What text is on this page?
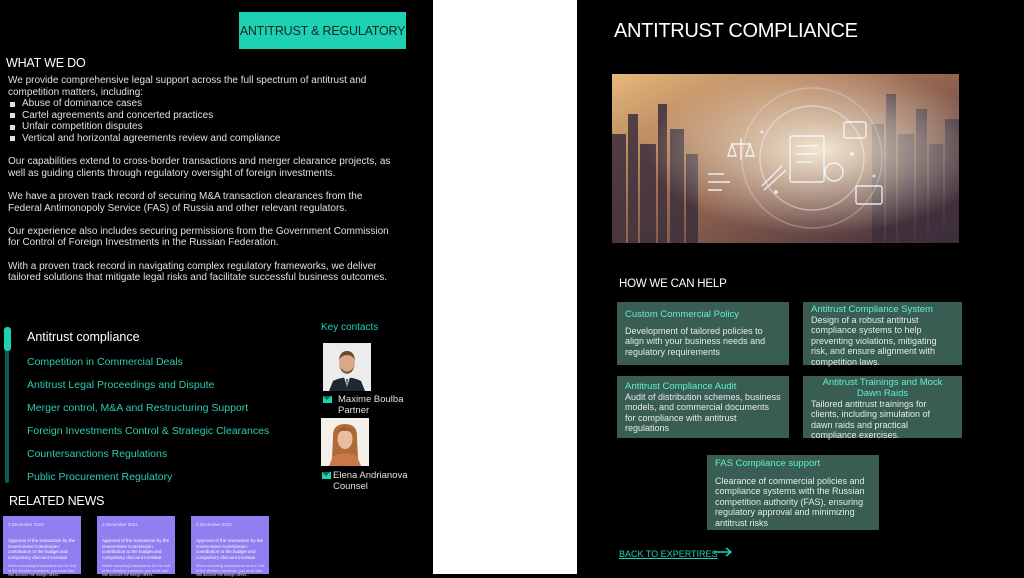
ANTITRUST & REGULATORY
WHAT WE DO

We provide comprehensive legal support across the full spectrum of antitrust and competition matters, including:

Abuse of dominance cases
Cartel agreements and concerted practices
Unfair competition disputes
Vertical and horizontal agreements review and compliance

Our capabilities extend to cross-border transactions and merger clearance projects, as well as guiding clients through regulatory oversight of foreign investments.

We have a proven track record of securing M&A transaction clearances from the Federal Antimonopoly Service (FAS) of Russia and other relevant regulators.

Our experience also includes securing permissions from the Government Commission for Control of Foreign Investments in the Russian Federation.

With a proven track record in navigating complex regulatory frameworks, we deliver tailored solutions that mitigate legal risks and facilitate successful business outcomes.

Antitrust compliance
Competition in Commercial Deals
Antitrust Legal Proceedings and Dispute
Merger control, M&A and Restructuring Support
Foreign Investments Control & Strategic Clearances
Countersanctions Regulations
Public Procurement Regulatory
Key contacts
Maxime Boulba
Partner
Elena Andrianova
Counsel
RELATED NEWS
3 December 2024
Approval of the transaction by the Government Commission: contribution to the budget and compulsory discount increase
When executing transactions for the 'exit' of the Western investors, you must take into account the foreign direct...
3 December 2024
Approval of the transaction by the Government Commission: contribution to the budget and compulsory discount increase
When executing transactions for the 'exit' of the Western investors, you must take into account the foreign direct...
3 December 2024
Approval of the transaction by the Government Commission: contribution to the budget and compulsory discount increase
When executing transactions for the 'exit' of the Western investors, you must take into account the foreign direct...
ANTITRUST COMPLIANCE
HOW WE CAN HELP
Custom Commercial Policy
Development of tailored policies to align with your business needs and regulatory requirements
Antitrust Compliance System
Design of a robust antitrust compliance systems to help preventing violations, mitigating risk, and ensure alignment with competition laws.
Antitrust Compliance Audit
Audit of distribution schemes, business models, and commercial documents for compliance with antitrust regulations
Antitrust Trainings and Mock Dawn Raids
Tailored antitrust trainings for clients, including simulation of dawn raids and practical compliance exercises.
FAS Compliance support
Clearance of commercial policies and compliance systems with the Russian competition authority (FAS), ensuring regulatory approval and minimizing antitrust risks
BACK TO EXPERTIRES
